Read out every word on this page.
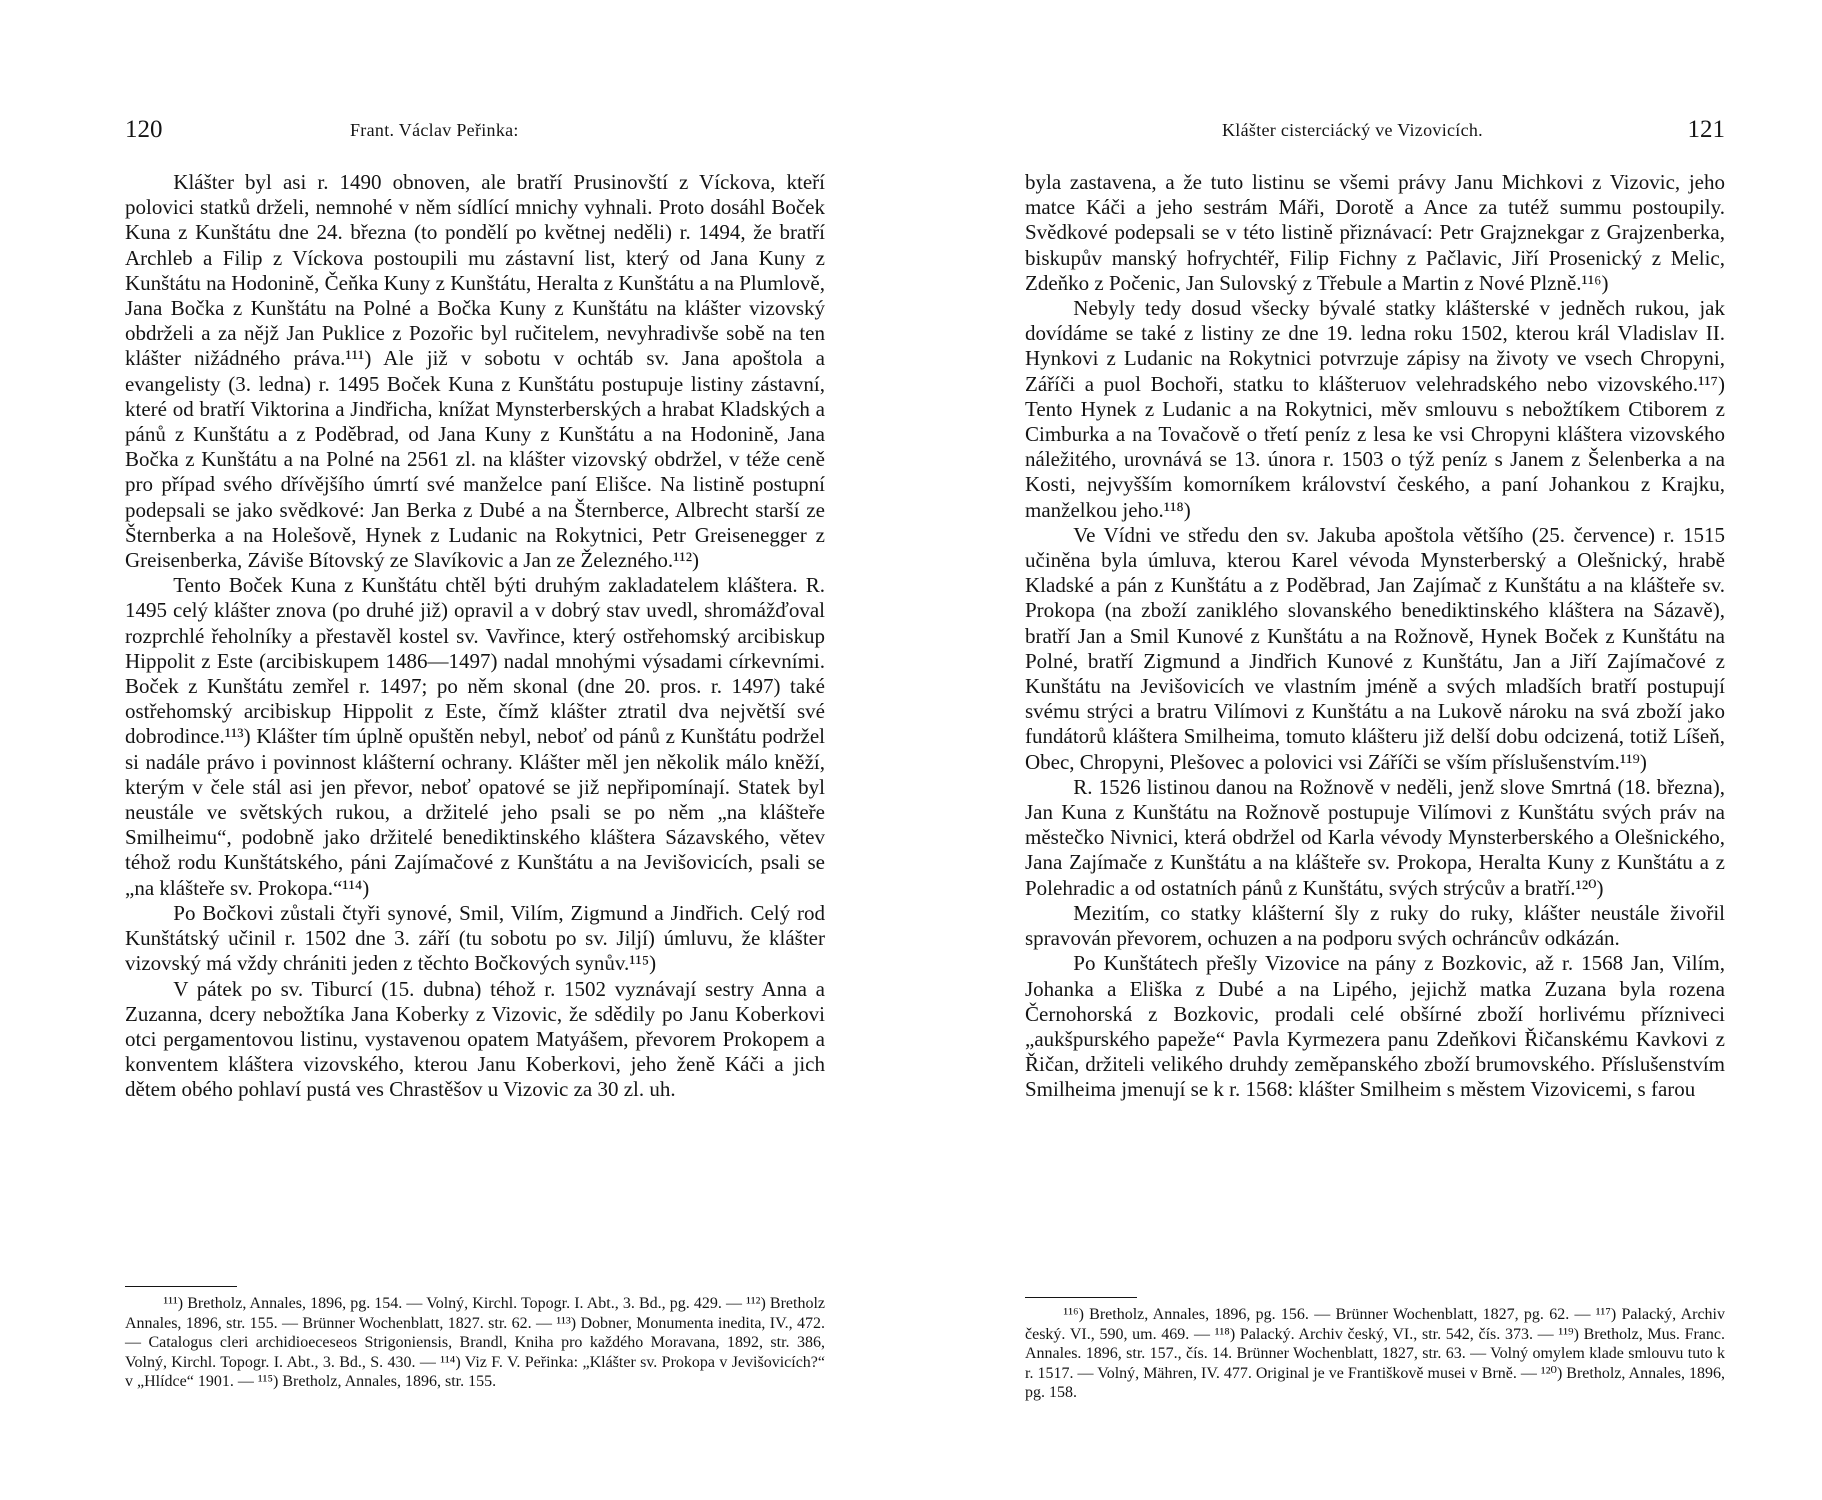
120	Frant. Václav Peřinka:

Klášter byl asi r. 1490 obnoven, ale bratří Prusinovští z Víckova, kteří polovici statků drželi, nemnohé v něm sídlící mnichy vyhnali. Proto dosáhl Boček Kuna z Kunštátu dne 24. března (to pondělí po květnej neděli) r. 1494, že bratří Archleb a Filip z Víckova postoupili mu zástavní list, který od Jana Kuny z Kunštátu na Hodonině, Čeňka Kuny z Kunštátu, Heralta z Kunštátu a na Plumlově, Jana Bočka z Kunštátu na Polné a Bočka Kuny z Kunštátu na klášter vizovský obdrželi a za nějž Jan Puklice z Pozořic byl ručitelem, nevyhradivše sobě na ten klášter nižádného práva.¹¹¹) Ale již v sobotu v ochtáb sv. Jana apoštola a evangelisty (3. ledna) r. 1495 Boček Kuna z Kunštátu postupuje listiny zástavní, které od bratří Viktorina a Jindřicha, knížat Mynsterberských a hrabat Kladských a pánů z Kunštátu a z Poděbrad, od Jana Kuny z Kunštátu a na Hodonině, Jana Bočka z Kunštátu a na Polné na 2561 zl. na klášter vizovský obdržel, v téže ceně pro případ svého dřívějšího úmrtí své manželce paní Elišce. Na listině postupní podepsali se jako svědkové: Jan Berka z Dubé a na Šternberce, Albrecht starší ze Šternberka a na Holešově, Hynek z Ludanic na Rokytnici, Petr Greisenegger z Greisenberka, Záviše Bítovský ze Slavíkovic a Jan ze Železného.¹¹²)

Tento Boček Kuna z Kunštátu chtěl býti druhým zakladatelem kláštera. R. 1495 celý klášter znova (po druhé již) opravil a v dobrý stav uvedl, shromážďoval rozprchlé řeholníky a přestavěl kostel sv. Vavřince, který ostřehomský arcibiskup Hippolit z Este (arcibiskupem 1486—1497) nadal mnohými výsadami církevními. Boček z Kunštátu zemřel r. 1497; po něm skonal (dne 20. pros. r. 1497) také ostřehomský arcibiskup Hippolit z Este, čímž klášter ztratil dva největší své dobrodince.¹¹³) Klášter tím úplně opuštěn nebyl, neboť od pánů z Kunštátu podržel si nadále právo i povinnost klášterní ochrany. Klášter měl jen několik málo kněží, kterým v čele stál asi jen převor, neboť opatové se již nepřipomínají. Statek byl neustále ve světských rukou, a držitelé jeho psali se po něm „na klášteře Smilheimu“, podobně jako držitelé benediktinského kláštera Sázavského, větev téhož rodu Kunštátského, páni Zajímačové z Kunštátu a na Jevišovicích, psali se „na klášteře sv. Prokopa.“¹¹⁴)

Po Bočkovi zůstali čtyři synové, Smil, Vilím, Zigmund a Jindřich. Celý rod Kunštátský učinil r. 1502 dne 3. září (tu sobotu po sv. Jiljí) úmluvu, že klášter vizovský má vždy chrániti jeden z těchto Bočkových synův.¹¹⁵)

V pátek po sv. Tiburcí (15. dubna) téhož r. 1502 vyznávají sestry Anna a Zuzanna, dcery nebožtíka Jana Koberky z Vizovic, že sdědily po Janu Koberkovi otci pergamentovou listinu, vystavenou opatem Matyášem, převorem Prokopem a konventem kláštera vizovského, kterou Janu Koberkovi, jeho ženě Káči a jich dětem obého pohlaví pustá ves Chrastěšov u Vizovic za 30 zl. uh.

¹¹¹) Bretholz, Annales, 1896, pg. 154. — Volný, Kirchl. Topogr. I. Abt., 3. Bd., pg. 429. — ¹¹²) Bretholz Annales, 1896, str. 155. — Brünner Wochenblatt, 1827. str. 62. — ¹¹³) Dobner, Monumenta inedita, IV., 472. — Catalogus cleri archidioeceseos Strigoniensis, Brandl, Kniha pro každého Moravana, 1892, str. 386, Volný, Kirchl. Topogr. I. Abt., 3. Bd., S. 430. — ¹¹⁴) Viz F. V. Peřinka: „Klášter sv. Prokopa v Jevišovicích?“ v „Hlídce“ 1901. — ¹¹⁵) Bretholz, Annales, 1896, str. 155.

Klášter cisterciácký ve Vizovicích.	121

byla zastavena, a že tuto listinu se všemi právy Janu Michkovi z Vizovic, jeho matce Káči a jeho sestrám Máři, Dorotě a Ance za tutéž summu postoupily. Svědkové podepsali se v této listině přiznávací: Petr Grajznekgar z Grajzenberka, biskupův manský hofrychtéř, Filip Fichny z Pačlavic, Jiří Prosenický z Melic, Zdeňko z Počenic, Jan Sulovský z Třebule a Martin z Nové Plzně.¹¹⁶)

Nebyly tedy dosud všecky bývalé statky klášterské v jedněch rukou, jak dovídáme se také z listiny ze dne 19. ledna roku 1502, kterou král Vladislav II. Hynkovi z Ludanic na Rokytnici potvrzuje zápisy na životy ve vsech Chropyni, Záříči a puol Bochoři, statku to klášteruov velehradského nebo vizovského.¹¹⁷) Tento Hynek z Ludanic a na Rokytnici, měv smlouvu s nebožtíkem Ctiborem z Cimburka a na Tovačově o třetí peníz z lesa ke vsi Chropyni kláštera vizovského náležitého, urovnává se 13. února r. 1503 o týž peníz s Janem z Šelenberka a na Kosti, nejvyšším komorníkem království českého, a paní Johankou z Krajku, manželkou jeho.¹¹⁸)

Ve Vídni ve středu den sv. Jakuba apoštola většího (25. července) r. 1515 učiněna byla úmluva, kterou Karel vévoda Mynsterberský a Olešnický, hrabě Kladské a pán z Kunštátu a z Poděbrad, Jan Zajímač z Kunštátu a na klášteře sv. Prokopa (na zboží zaniklého slovanského benediktinského kláštera na Sázavě), bratří Jan a Smil Kunové z Kunštátu a na Rožnově, Hynek Boček z Kunštátu na Polné, bratří Zigmund a Jindřich Kunové z Kunštátu, Jan a Jiří Zajímačové z Kunštátu na Jevišovicích ve vlastním jméně a svých mladších bratří postupují svému strýci a bratru Vilímovi z Kunštátu a na Lukově nároku na svá zboží jako fundátorů kláštera Smilheima, tomuto klášteru již delší dobu odcizená, totiž Líšeň, Obec, Chropyni, Plešovec a polovici vsi Záříči se vším příslušenstvím.¹¹⁹)

R. 1526 listinou danou na Rožnově v neděli, jenž slove Smrtná (18. března), Jan Kuna z Kunštátu na Rožnově postupuje Vilímovi z Kunštátu svých práv na městečko Nivnici, která obdržel od Karla vévody Mynsterberského a Olešnického, Jana Zajímače z Kunštátu a na klášteře sv. Prokopa, Heralta Kuny z Kunštátu a z Polehradic a od ostatních pánů z Kunštátu, svých strýcův a bratří.¹²⁰)

Mezitím, co statky klášterní šly z ruky do ruky, klášter neustále živořil spravován převorem, ochuzen a na podporu svých ochráncův odkázán.

Po Kunštátech přešly Vizovice na pány z Bozkovic, až r. 1568 Jan, Vilím, Johanka a Eliška z Dubé a na Lipého, jejichž matka Zuzana byla rozena Černohorská z Bozkovic, prodali celé obšírné zboží horlivému přízniveci „aukšpurského papeže“ Pavla Kyrmezera panu Zdeňkovi Řičanskému Kavkovi z Řičan, držiteli velikého druhdy zeměpanského zboží brumovského. Příslušenstvím Smilheima jmenují se k r. 1568: klášter Smilheim s městem Vizovicemi, s farou

¹¹⁶) Bretholz, Annales, 1896, pg. 156. — Brünner Wochenblatt, 1827, pg. 62. — ¹¹⁷) Palacký, Archiv český. VI., 590, um. 469. — ¹¹⁸) Palacký. Archiv český, VI., str. 542, čís. 373. — ¹¹⁹) Bretholz, Mus. Franc. Annales. 1896, str. 157., čís. 14. Brünner Wochenblatt, 1827, str. 63. — Volný omylem klade smlouvu tuto k r. 1517. — Volný, Mähren, IV. 477. Original je ve Františkově musei v Brně. — ¹²⁰) Bretholz, Annales, 1896, pg. 158.
